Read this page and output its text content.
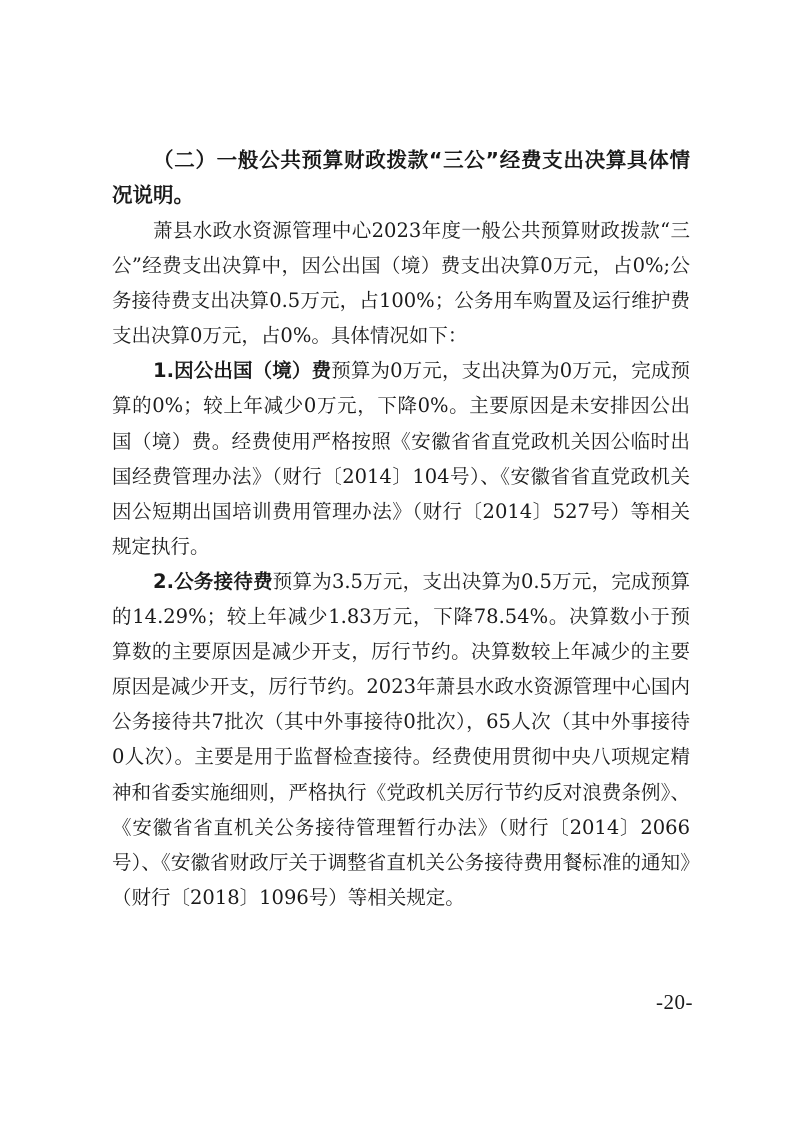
（二）一般公共预算财政拨款“三公”经费支出决算具体情况说明。

萧县水政水资源管理中心2023年度一般公共预算财政拨款“三公”经费支出决算中，因公出国（境）费支出决算0万元，占0%;公务接待费支出决算0.5万元，占100%；公务用车购置及运行维护费支出决算0万元，占0%。具体情况如下：

1.因公出国（境）费预算为0万元，支出决算为0万元，完成预算的0%；较上年减少0万元，下降0%。主要原因是未安排因公出国（境）费。经费使用严格按照《安徽省省直党政机关因公临时出国经费管理办法》（财行〔2014〕104号）、《安徽省省直党政机关因公短期出国培训费用管理办法》（财行〔2014〕527号）等相关规定执行。

2.公务接待费预算为3.5万元，支出决算为0.5万元，完成预算的14.29%；较上年减少1.83万元，下降78.54%。决算数小于预算数的主要原因是减少开支，厉行节约。决算数较上年减少的主要原因是减少开支，厉行节约。2023年萧县水政水资源管理中心国内公务接待共7批次（其中外事接待0批次），65人次（其中外事接待0人次）。主要是用于监督检查接待。经费使用贯彻中央八项规定精神和省委实施细则，严格执行《党政机关厉行节约反对浪费条例》、《安徽省省直机关公务接待管理暂行办法》（财行〔2014〕2066号）、《安徽省财政厅关于调整省直机关公务接待费用餐标准的通知》（财行〔2018〕1096号）等相关规定。

-20-
